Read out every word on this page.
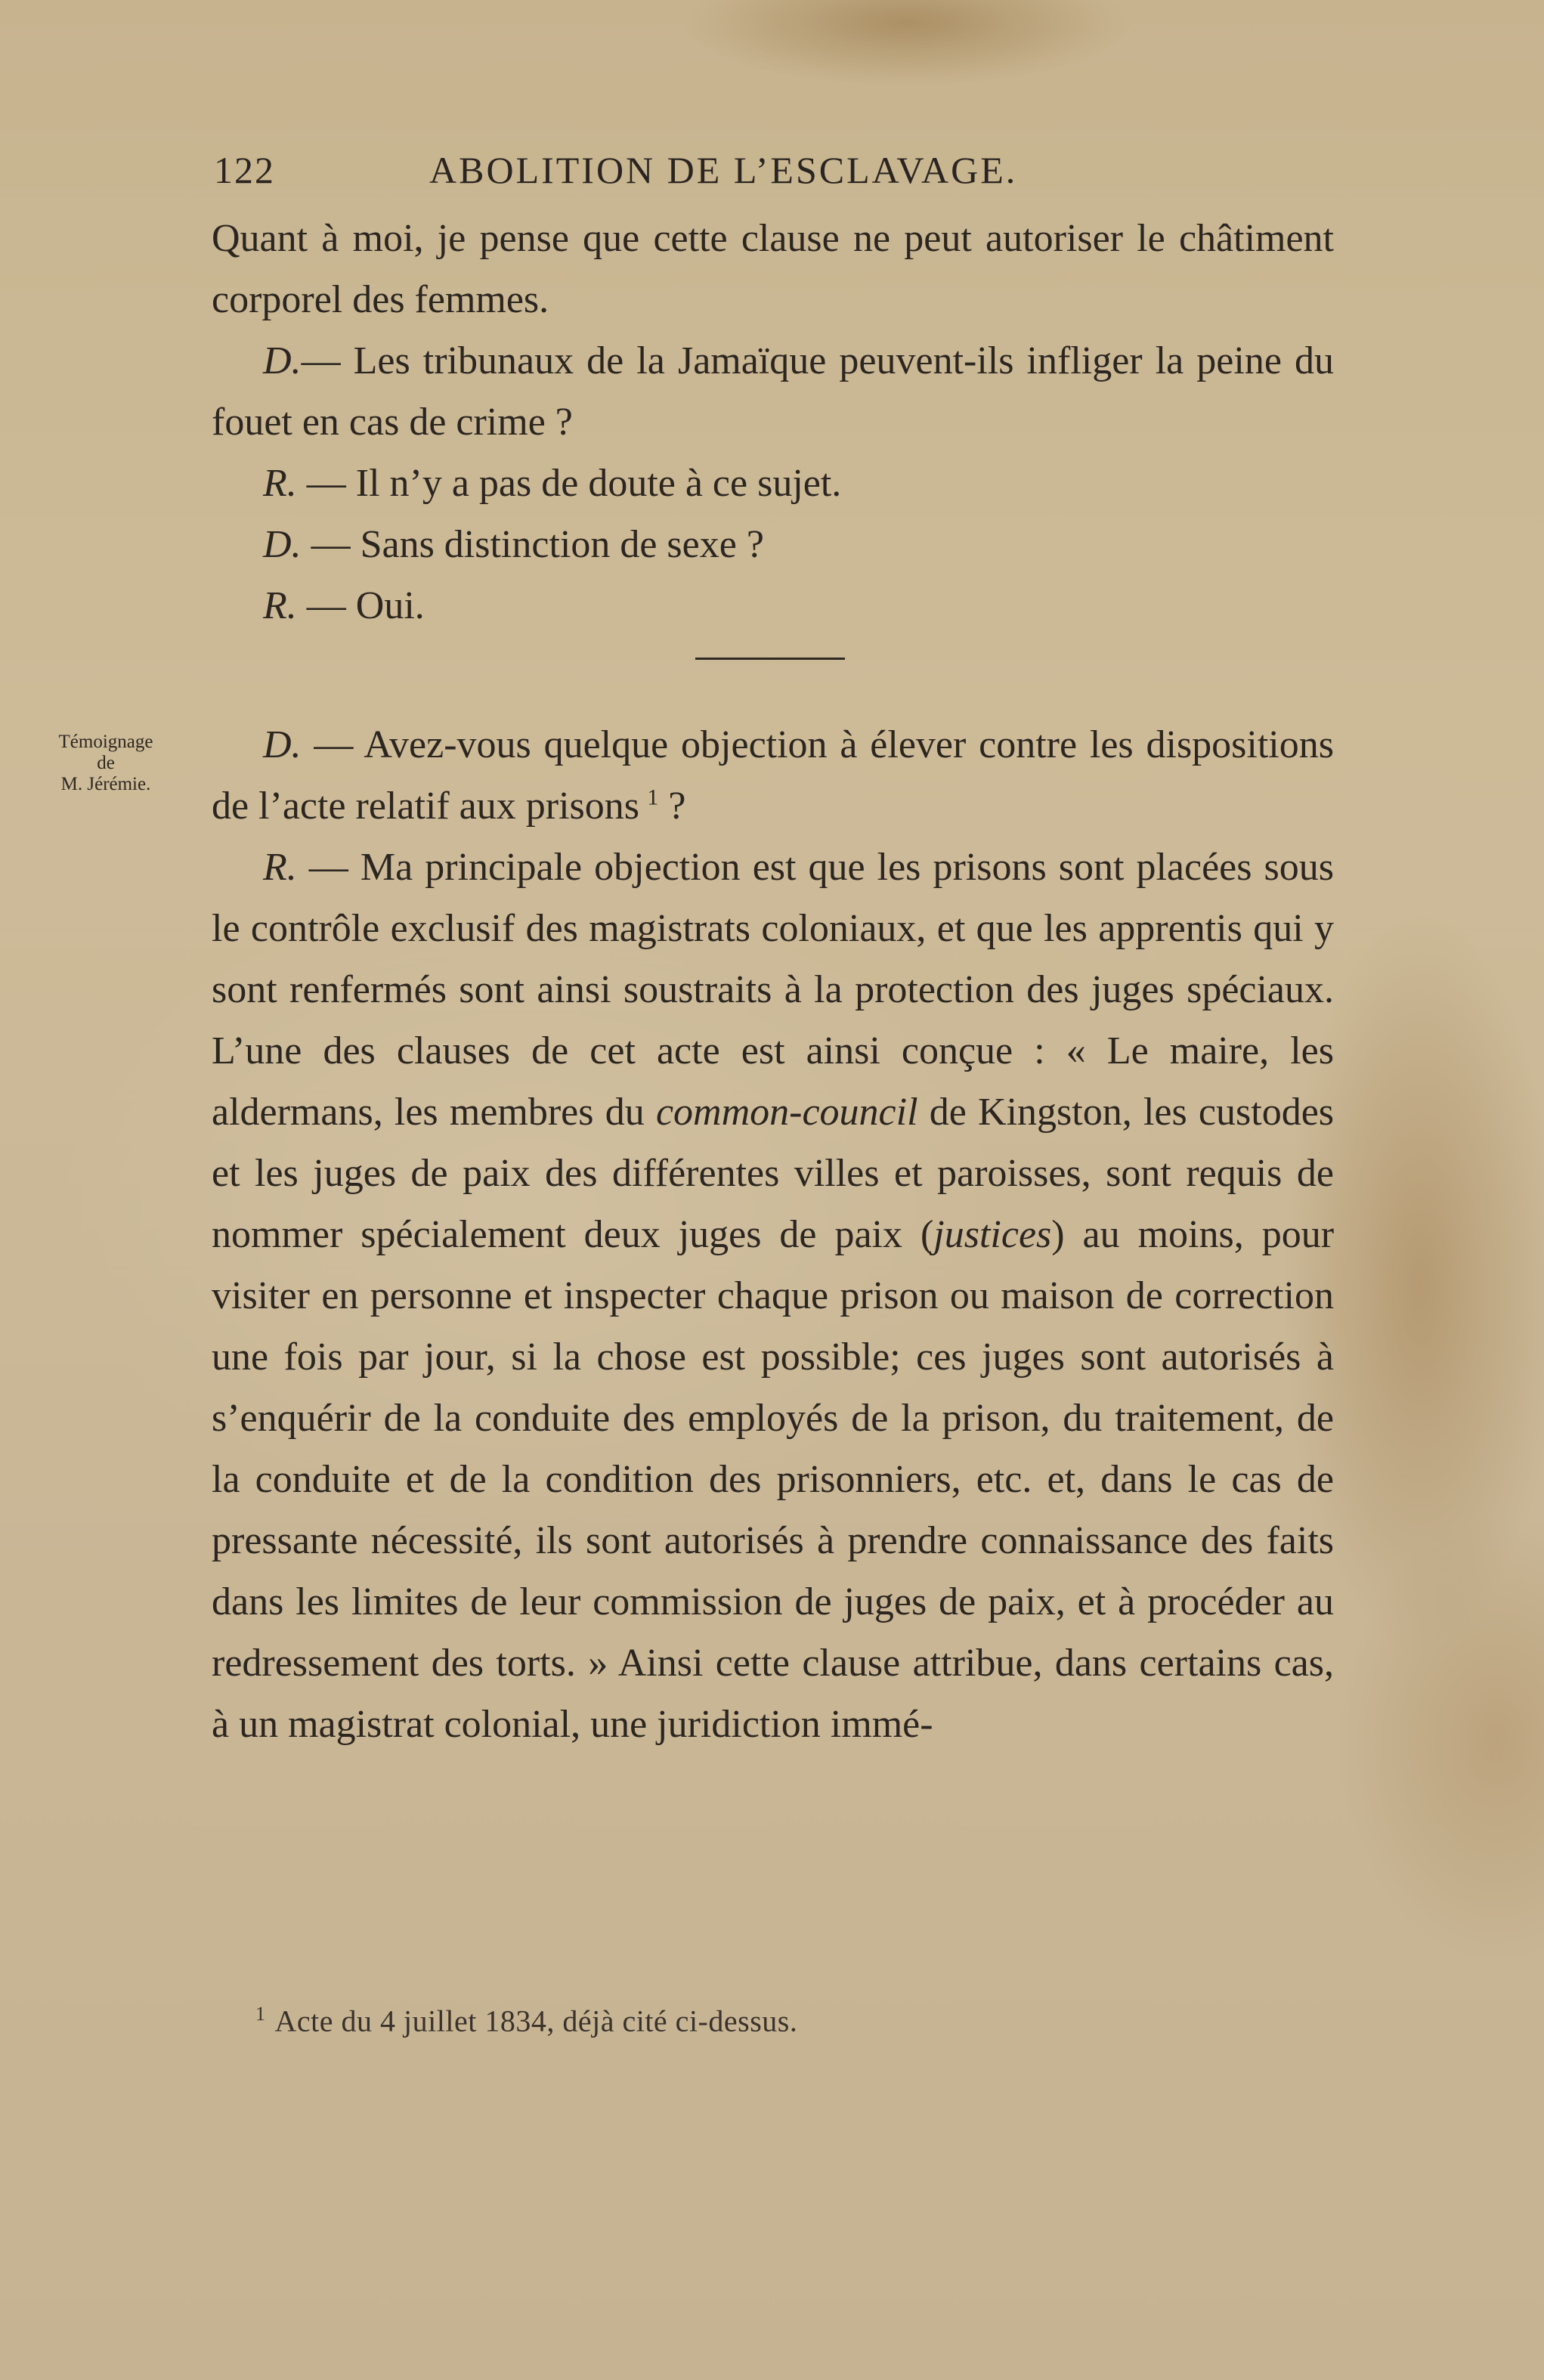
122	ABOLITION DE L’ESCLAVAGE.

Quant à moi, je pense que cette clause ne peut autoriser le châtiment corporel des femmes.

D.— Les tribunaux de la Jamaïque peuvent-ils infliger la peine du fouet en cas de crime ?

R. — Il n’y a pas de doute à ce sujet.

D. — Sans distinction de sexe ?

R. — Oui.

Témoignage
de
M. Jérémie.

D. — Avez-vous quelque objection à élever contre les dispositions de l’acte relatif aux prisons  $^1$ ?

R. — Ma principale objection est que les prisons sont placées sous le contrôle exclusif des magistrats coloniaux, et que les apprentis qui y sont renfermés sont ainsi soustraits à la protection des juges spéciaux. L’une des clauses de cet acte est ainsi conçue : « Le maire, les aldermans, les membres du common-council de Kingston, les custodes et les juges de paix des différentes villes et paroisses, sont requis de nommer spécialement deux juges de paix (justices) au moins, pour visiter en personne et inspecter chaque prison ou maison de correction une fois par jour, si la chose est possible; ces juges sont autorisés à s’enquérir de la conduite des employés de la prison, du traitement, de la conduite et de la condition des prisonniers, etc. et, dans le cas de pressante nécessité, ils sont autorisés à prendre connaissance des faits dans les limites de leur commission de juges de paix, et à procéder au redressement des torts. » Ainsi cette clause attribue, dans certains cas, à un magistrat colonial, une juridiction immé-

$^1$ Acte du 4 juillet 1834, déjà cité ci-dessus.
